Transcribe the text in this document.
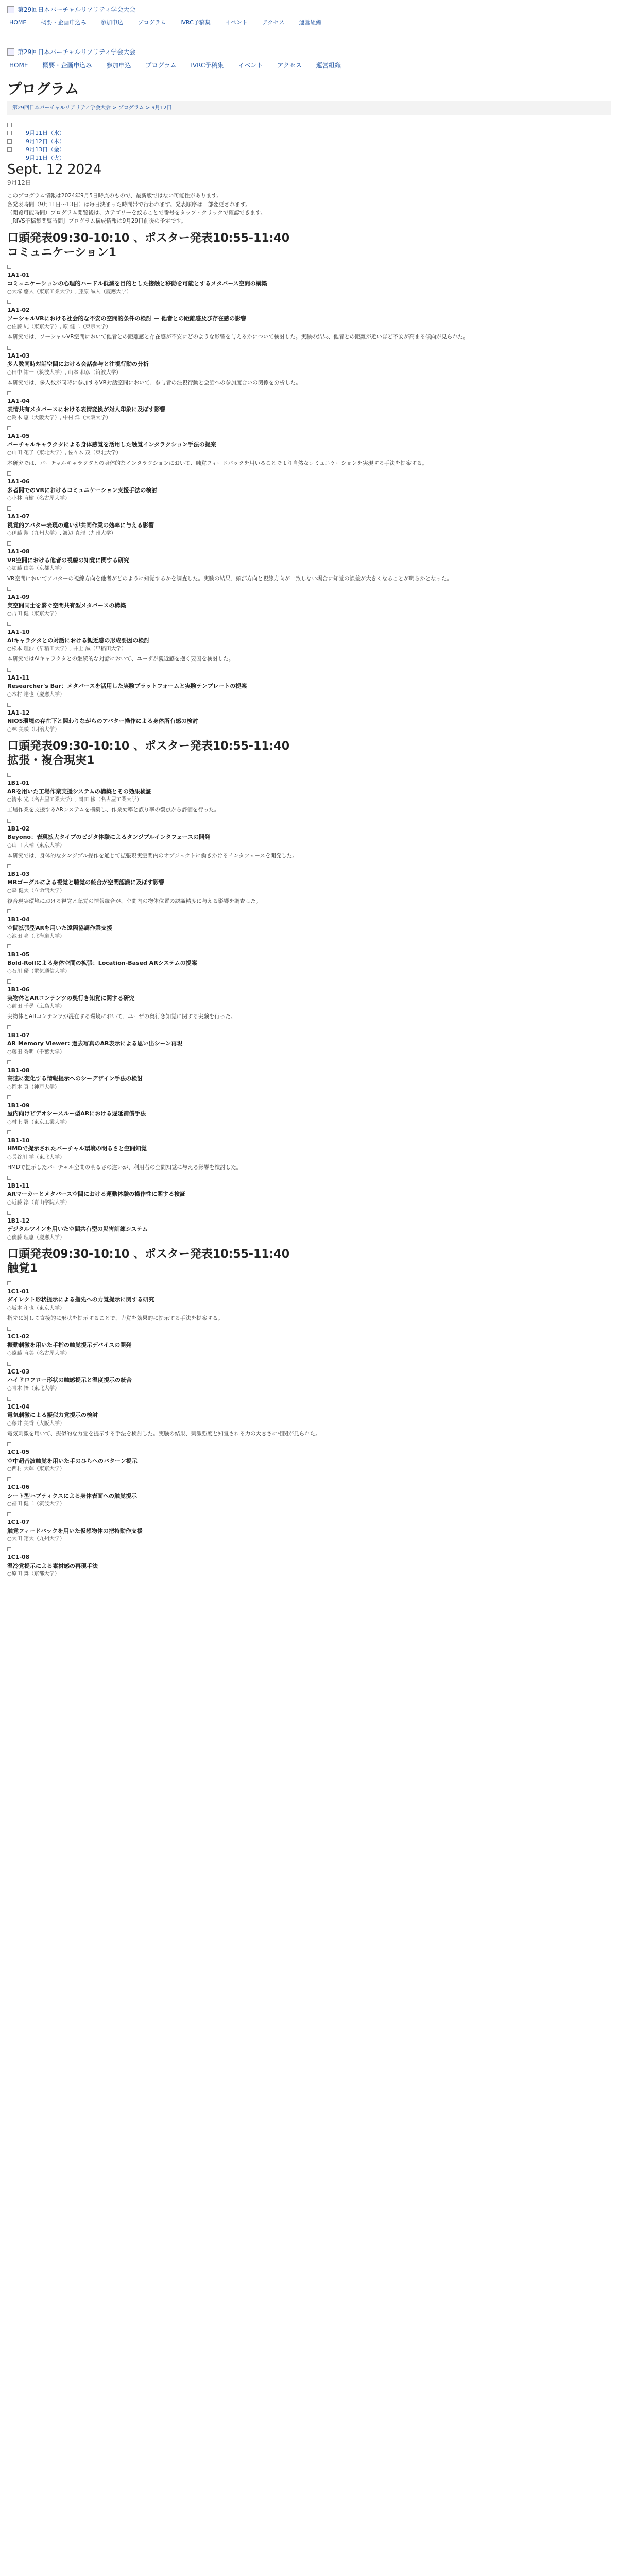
第29回日本バーチャルリアリティ学会大会
HOME	概要・企画申込み	参加申込	プログラム	IVRC予稿集	イベント	アクセス	運営組織
第29回日本バーチャルリアリティ学会大会
HOME 概要・企画申込み 参加申込 プログラム IVRC予稿集 イベント アクセス 運営組織
プログラム
第29回日本バーチャルリアリティ学会大会 > プログラム > 9月12日
9月11日（水）
9月12日（木）
9月13日（金）
9月11日（火）
Sept. 12 2024
9月12日

このプログラム情報は2024年9月5日時点のもので、最新版ではない可能性があります。

各発表時間（9月11日〜13日）は毎日決まった時間帯で行われます。発表順序は一部変更されます。

（閲覧可能時間）プログラム閲覧後は、カテゴリーを絞ることで番号をタップ・クリックで確認できます。

［RIVS予稿集閲覧時間］プログラム構成情報は9月29日前後の予定です。

口頭発表09:30-10:10 、ポスター発表10:55-11:40
コミュニケーション1
1A1-01
コミュニケーションの心理的ハードル低減を目的とした接触と移動を可能とするメタバース空間の構築
○大塚 悠人（東京工業大学）, 藤原 誠人（慶應大学）
1A1-02
ソーシャルVRにおける社会的な不安の空間的条件の検討 — 他者との距離感及び存在感の影響
○佐藤 純（東京大学）, 原 健二（東京大学）
本研究では、ソーシャルVR空間において他者との距離感と存在感が不安にどのような影響を与えるかについて検討した。実験の結果、他者との距離が近いほど不安が高まる傾向が見られた。
1A1-03
多人数同時対話空間における会話参与と注視行動の分析
○田中 祐一（筑波大学）, 山本 和彦（筑波大学）
本研究では、多人数が同時に参加するVR対話空間において、参与者の注視行動と会話への参加度合いの関係を分析した。
1A1-04
表情共有メタバースにおける表情変換が対人印象に及ぼす影響
○鈴木 恵（大阪大学）, 中村 洋（大阪大学）
1A1-05
バーチャルキャラクタによる身体感覚を活用した触覚インタラクション手法の提案
○山田 花子（東北大学）, 佐々木 茂（東北大学）
本研究では、バーチャルキャラクタとの身体的なインタラクションにおいて、触覚フィードバックを用いることでより自然なコミュニケーションを実現する手法を提案する。
1A1-06
多者間でのVRにおけるコミュニケーション支援手法の検討
○小林 直樹（名古屋大学）
1A1-07
視覚的アバター表現の違いが共同作業の効率に与える影響
○伊藤 翔（九州大学）, 渡辺 真理（九州大学）
1A1-08
VR空間における他者の視線の知覚に関する研究
○加藤 由美（京都大学）
VR空間においてアバターの視線方向を他者がどのように知覚するかを調査した。実験の結果、頭部方向と視線方向が一致しない場合に知覚の誤差が大きくなることが明らかとなった。
1A1-09
実空間同士を繋ぐ空間共有型メタバースの構築
○吉田 健（東京大学）
1A1-10
AIキャラクタとの対話における親近感の形成要因の検討
○松本 理沙（早稲田大学）, 井上 誠（早稲田大学）
本研究ではAIキャラクタとの継続的な対話において、ユーザが親近感を抱く要因を検討した。
1A1-11
Researcher's Bar：メタバースを活用した実験プラットフォームと実験テンプレートの提案
○木村 達也（慶應大学）
1A1-12
NIOS環境の存在下と関わりながらのアバター操作による身体所有感の検討
○林 美咲（明治大学）
口頭発表09:30-10:10 、ポスター発表10:55-11:40
拡張・複合現実1
1B1-01
ARを用いた工場作業支援システムの構築とその効果検証
○清水 光（名古屋工業大学）, 岡田 修（名古屋工業大学）
工場作業を支援するARシステムを構築し、作業効率と誤り率の観点から評価を行った。
1B1-02
Beyono：表現拡大タイプのビジタ体験によるタンジブルインタフェースの開発
○山口 大輔（東京大学）
本研究では、身体的なタンジブル操作を通じて拡張現実空間内のオブジェクトに働きかけるインタフェースを開発した。
1B1-03
MRゴーグルによる視覚と聴覚の統合が空間認識に及ぼす影響
○森 健太（立命館大学）
複合現実環境における視覚と聴覚の情報統合が、空間内の物体位置の認識精度に与える影響を調査した。
1B1-04
空間拡張型ARを用いた遠隔協調作業支援
○池田 亮（北海道大学）
1B1-05
Bold-Rollによる身体空間の拡張：Location-Based ARシステムの提案
○石川 優（電気通信大学）
1B1-06
実物体とARコンテンツの奥行き知覚に関する研究
○前田 千尋（広島大学）
実物体とARコンテンツが混在する環境において、ユーザの奥行き知覚に関する実験を行った。
1B1-07
AR Memory Viewer: 過去写真のAR表示による思い出シーン再現
○藤田 秀明（千葉大学）
1B1-08
高速に変化する情報提示へのシーデザイン手法の検討
○岡本 真（神戸大学）
1B1-09
屋内向けビデオシースルー型ARにおける遅延補償手法
○村上 翼（東京工業大学）
1B1-10
HMDで提示されたバーチャル環境の明るさと空間知覚
○長谷川 学（東北大学）
HMDで提示したバーチャル空間の明るさの違いが、利用者の空間知覚に与える影響を検討した。
1B1-11
ARマーカーとメタバース空間における運動体験の操作性に関する検証
○近藤 淳（青山学院大学）
1B1-12
デジタルツインを用いた空間共有型の災害訓練システム
○後藤 理恵（慶應大学）
口頭発表09:30-10:10 、ポスター発表10:55-11:40
触覚1
1C1-01
ダイレクト形状提示による指先への力覚提示に関する研究
○坂本 和也（東京大学）
指先に対して直接的に形状を提示することで、力覚を効果的に提示する手法を提案する。
1C1-02
振動刺激を用いた手指の触覚提示デバイスの開発
○遠藤 直美（名古屋大学）
1C1-03
ハイドロフロー形状の触感提示と温度提示の統合
○青木 悟（東北大学）
1C1-04
電気刺激による擬似力覚提示の検討
○藤井 美香（大阪大学）
電気刺激を用いて、擬似的な力覚を提示する手法を検討した。実験の結果、刺激強度と知覚される力の大きさに相関が見られた。
1C1-05
空中超音波触覚を用いた手のひらへのパターン提示
○西村 大輝（東京大学）
1C1-06
シート型ハプティクスによる身体表面への触覚提示
○福田 健二（筑波大学）
1C1-07
触覚フィードバックを用いた仮想物体の把持動作支援
○太田 翔太（九州大学）
1C1-08
温冷覚提示による素材感の再現手法
○原田 舞（京都大学）
